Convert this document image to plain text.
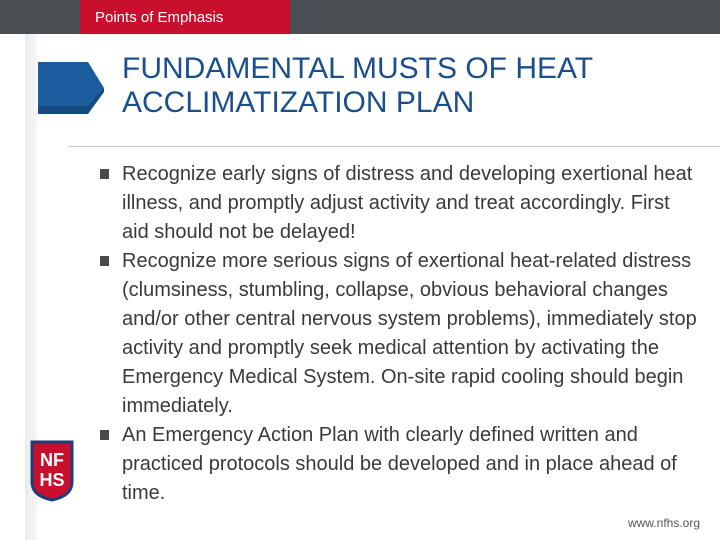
Points of Emphasis
FUNDAMENTAL MUSTS OF HEAT ACCLIMATIZATION PLAN
Recognize early signs of distress and developing exertional heat illness, and promptly adjust activity and treat accordingly. First aid should not be delayed!
Recognize more serious signs of exertional heat-related distress (clumsiness, stumbling, collapse, obvious behavioral changes and/or other central nervous system problems), immediately stop activity and promptly seek medical attention by activating the Emergency Medical System. On-site rapid cooling should begin immediately.
An Emergency Action Plan with clearly defined written and practiced protocols should be developed and in place ahead of time.
NF
HS
www.nfhs.org
